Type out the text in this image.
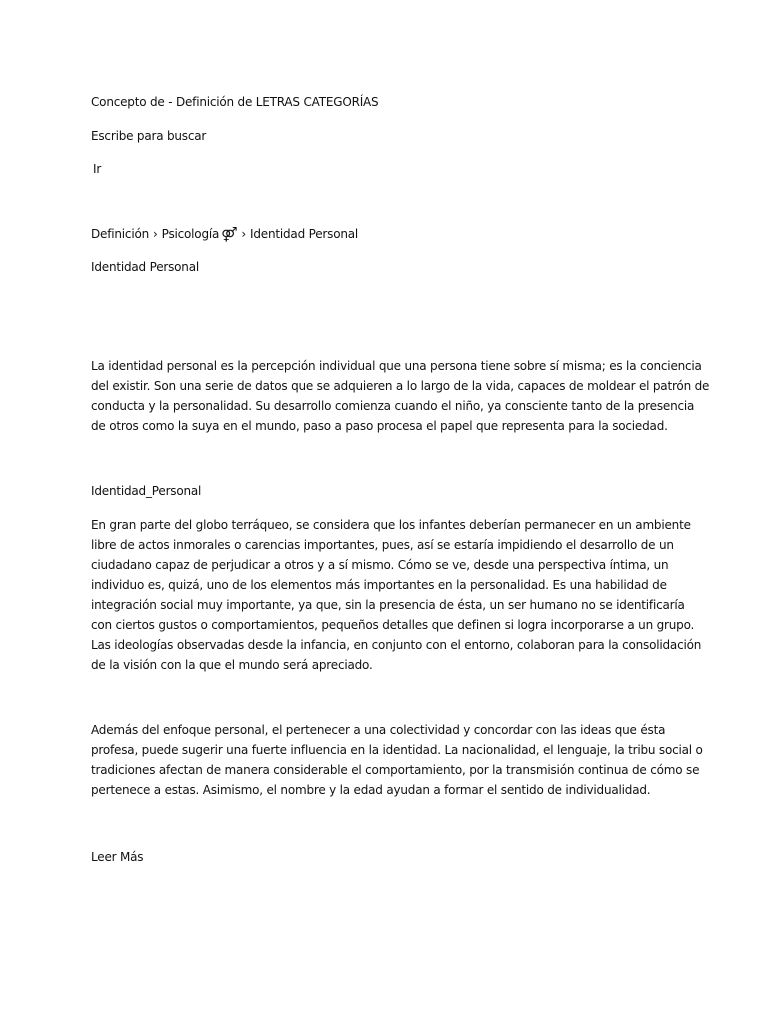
Concepto de - Definición de LETRAS CATEGORÍAS
Escribe para buscar
Ir
Definición › Psicología ⚤ › Identidad Personal
Identidad Personal

La identidad personal es la percepción individual que una persona tiene sobre sí misma; es la conciencia
del existir. Son una serie de datos que se adquieren a lo largo de la vida, capaces de moldear el patrón de
conducta y la personalidad. Su desarrollo comienza cuando el niño, ya consciente tanto de la presencia
de otros como la suya en el mundo, paso a paso procesa el papel que representa para la sociedad.

Identidad_Personal

En gran parte del globo terráqueo, se considera que los infantes deberían permanecer en un ambiente
libre de actos inmorales o carencias importantes, pues, así se estaría impidiendo el desarrollo de un
ciudadano capaz de perjudicar a otros y a sí mismo. Cómo se ve, desde una perspectiva íntima, un
individuo es, quizá, uno de los elementos más importantes en la personalidad. Es una habilidad de
integración social muy importante, ya que, sin la presencia de ésta, un ser humano no se identificaría
con ciertos gustos o comportamientos, pequeños detalles que definen si logra incorporarse a un grupo.
Las ideologías observadas desde la infancia, en conjunto con el entorno, colaboran para la consolidación
de la visión con la que el mundo será apreciado.

Además del enfoque personal, el pertenecer a una colectividad y concordar con las ideas que ésta
profesa, puede sugerir una fuerte influencia en la identidad. La nacionalidad, el lenguaje, la tribu social o
tradiciones afectan de manera considerable el comportamiento, por la transmisión continua de cómo se
pertenece a estas. Asimismo, el nombre y la edad ayudan a formar el sentido de individualidad.

Leer Más
